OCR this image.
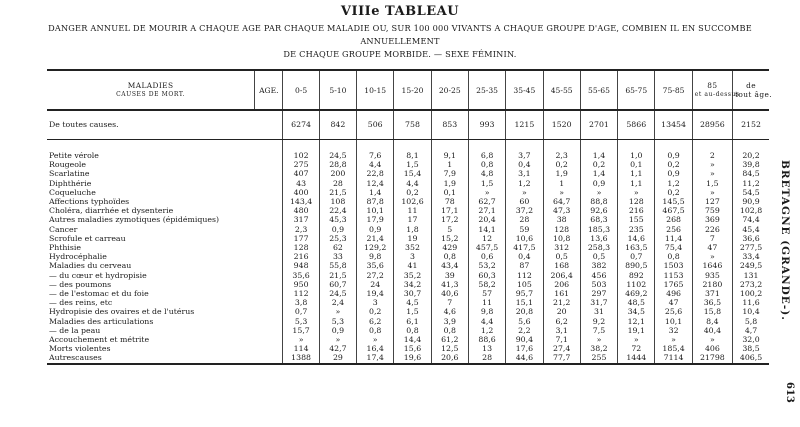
VIIIe TABLEAU
DANGER ANNUEL DE MOURIR A CHAQUE AGE PAR CHAQUE MALADIE OU, SUR 100 000 VIVANTS A CHAQUE GROUPE D'AGE, COMBIEN IL EN SUCCOMBE ANNUELLEMENT
DE CHAQUE GROUPE MORBIDE. — SEXE FÉMININ.
MALADIES
CAUSES DE MORT.	AGE.	0-5	5-10	10-15	15-20	20-25	25-35	35-45	45-55	55-65	65-75	75-85	85
et au-dessus	de
tout âge.

De toutes causes.		6274	842	506	758	853	993	1215	1520	2701	5866	13454	28956	2152

Petite vérole		102	24,5	7,6	8,1	9,1	6,8	3,7	2,3	1,4	1,0	0,9	2	20,2
Rougeole		275	28,8	4,4	1,5	1	0,8	0,4	0,2	0,2	0,1	0,2	»	39,8
Scarlatine		407	200	22,8	15,4	7,9	4,8	3,1	1,9	1,4	1,1	0,9	»	84,5
Diphthérie		43	28	12,4	4,4	1,9	1,5	1,2	1	0,9	1,1	1,2	1,5	11,2
Coqueluche		400	21,5	1,4	0,2	0,1	»	»	»	»	»	0,2	»	54,5
Affections typhoïdes		143,4	108	87,8	102,6	78	62,7	60	64,7	88,8	128	145,5	127	90,9
Choléra, diarrhée et dysenterie		480	22,4	10,1	11	17,1	27,1	37,2	47,3	92,6	216	467,5	759	102,8
Autres maladies zymotiques (épidémiques)		317	45,3	17,9	17	17,2	20,4	28	38	68,3	155	268	369	74,4
Cancer		2,3	0,9	0,9	1,8	5	14,1	59	128	185,3	235	256	226	45,4
Scrofule et carreau		177	25,3	21,4	19	15,2	12	10,6	10,8	13,6	14,6	11,4	7	36,6
Phthisie		128	62	129,2	352	429	457,5	417,5	312	258,3	163,5	75,4	47	277,5
Hydrocéphalie		216	33	9,8	3	0,8	0,6	0,4	0,5	0,5	0,7	0,8	»	33,4
Maladies du cerveau		948	55,8	35,6	41	43,4	53,2	87	168	382	890,5	1503	1646	249,5
— du cœur et hydropisie		35,6	21,5	27,2	35,2	39	60,3	112	206,4	456	892	1153	935	131
— des poumons		950	60,7	24	34,2	41,3	58,2	105	206	503	1102	1765	2180	273,2
— de l'estomac et du foie		112	24,5	19,4	30,7	40,6	57	95,7	161	297	469,2	496	371	100,2
— des reins, etc		3,8	2,4	3	4,5	7	11	15,1	21,2	31,7	48,5	47	36,5	11,6
Hydropisie des ovaires et de l'utérus		0,7	»	0,2	1,5	4,6	9,8	20,8	20	31	34,5	25,6	15,8	10,4
Maladies des articulations		5,3	5,3	6,2	6,1	3,9	4,4	5,6	6,2	9,2	12,1	10,1	8,4	5,8
— de la peau		15,7	0,9	0,8	0,8	0,8	1,2	2,2	3,1	7,5	19,1	32	40,4	4,7
Accouchement et métrite		»	»	»	14,4	61,2	88,6	90,4	7,1	»	»	»	»	32,0
Morts violentes		114	42,7	16,4	15,6	12,5	13	17,6	27,4	38,2	72	185,4	406	38,5
Autrescauses		1388	29	17,4	19,6	20,6	28	44,6	77,7	255	1444	7114	21798	406,5
BRETAGNE (GRANDE-).
613
